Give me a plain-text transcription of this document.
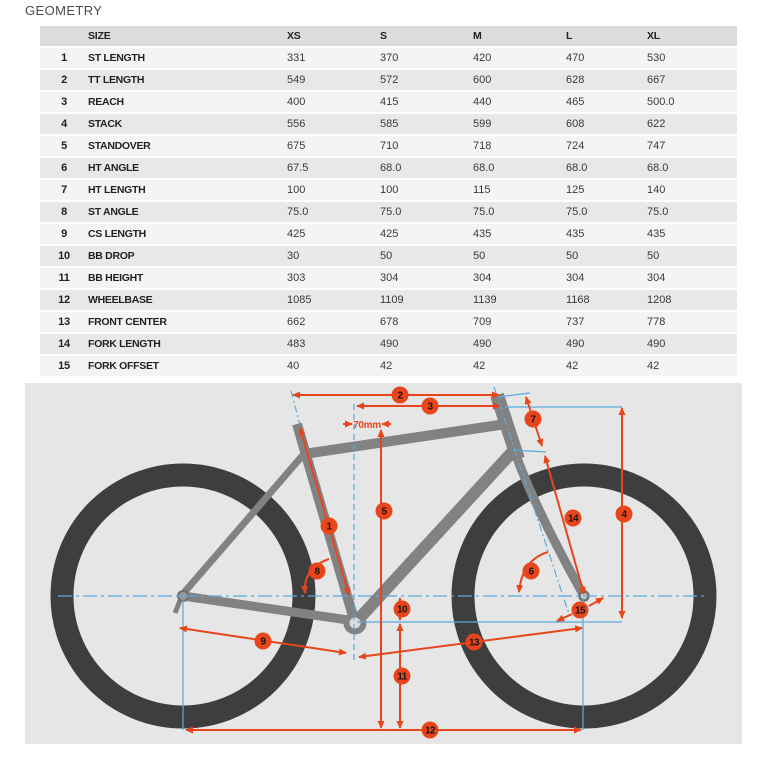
GEOMETRY
SIZE	XS	S	M	L	XL
1	ST LENGTH	331	370	420	470	530
2	TT LENGTH	549	572	600	628	667
3	REACH	400	415	440	465	500.0
4	STACK	556	585	599	608	622
5	STANDOVER	675	710	718	724	747
6	HT ANGLE	67.5	68.0	68.0	68.0	68.0
7	HT LENGTH	100	100	115	125	140
8	ST ANGLE	75.0	75.0	75.0	75.0	75.0
9	CS LENGTH	425	425	435	435	435
10	BB DROP	30	50	50	50	50
11	BB HEIGHT	303	304	304	304	304
12	WHEELBASE	1085	1109	1139	1168	1208
13	FRONT CENTER	662	678	709	737	778
14	FORK LENGTH	483	490	490	490	490
15	FORK OFFSET	40	42	42	42	42
70mm
1
2
3
4
5
6
7
8
9
10
11
12
13
14
15
